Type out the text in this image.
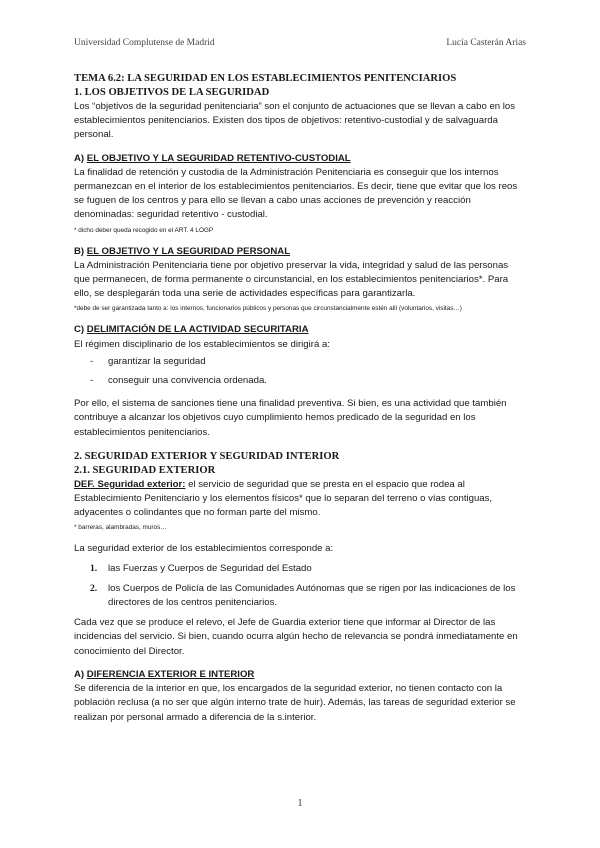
Universidad Complutense de Madrid	Lucía Casterán Arias

TEMA 6.2: LA SEGURIDAD EN LOS ESTABLECIMIENTOS PENITENCIARIOS

1. LOS OBJETIVOS DE LA SEGURIDAD

Los “objetivos de la seguridad penitenciaria” son el conjunto de actuaciones que se llevan a cabo en los establecimientos penitenciarios. Existen dos tipos de objetivos: retentivo-custodial y de salvaguarda personal.

A) EL OBJETIVO Y LA SEGURIDAD RETENTIVO-CUSTODIAL

La finalidad de retención y custodia de la Administración Penitenciaria es conseguir que los internos permanezcan en el interior de los establecimientos penitenciarios. Es decir, tiene que evitar que los reos se fuguen de los centros y para ello se llevan a cabo unas acciones de prevención y reacción denominadas: seguridad retentivo - custodial.

* dicho deber queda recogido en el ART. 4 LOGP

B) EL OBJETIVO Y LA SEGURIDAD PERSONAL

La Administración Penitenciaria tiene por objetivo preservar la vida, integridad y salud de las personas que permanecen, de forma permanente o circunstancial, en los establecimientos penitenciarios*. Para ello, se desplegarán toda una serie de actividades específicas para garantizarla.

*debe de ser garantizada tanto a: los internos, funcionarios públicos y personas que circunstancialmente estén allí (voluntarios, visitas…)

C) DELIMITACIÓN DE LA ACTIVIDAD SECURITARIA

El régimen disciplinario de los establecimientos se dirigirá a:

- garantizar la seguridad
- conseguir una convivencia ordenada.

Por ello, el sistema de sanciones tiene una finalidad preventiva. Si bien, es una actividad que también contribuye a alcanzar los objetivos cuyo cumplimiento hemos predicado de la seguridad en los establecimientos penitenciarios.

2. SEGURIDAD EXTERIOR Y SEGURIDAD INTERIOR

2.1. SEGURIDAD EXTERIOR

DEF. Seguridad exterior: el servicio de seguridad que se presta en el espacio que rodea al Establecimiento Penitenciario y los elementos físicos* que lo separan del terreno o vías contiguas, adyacentes o colindantes que no forman parte del mismo.

* barreras, alambradas, muros…

La seguridad exterior de los establecimientos corresponde a:

1. las Fuerzas y Cuerpos de Seguridad del Estado
2. los Cuerpos de Policía de las Comunidades Autónomas que se rigen por las indicaciones de los directores de los centros penitenciarios.

Cada vez que se produce el relevo, el Jefe de Guardia exterior tiene que informar al Director de las incidencias del servicio. Si bien, cuando ocurra algún hecho de relevancia se pondrá inmediatamente en conocimiento del Director.

A) DIFERENCIA EXTERIOR E INTERIOR

Se diferencia de la interior en que, los encargados de la seguridad exterior, no tienen contacto con la población reclusa (a no ser que algún interno trate de huir). Además, las tareas de seguridad exterior se realizan por personal armado a diferencia de la s.interior.

1
